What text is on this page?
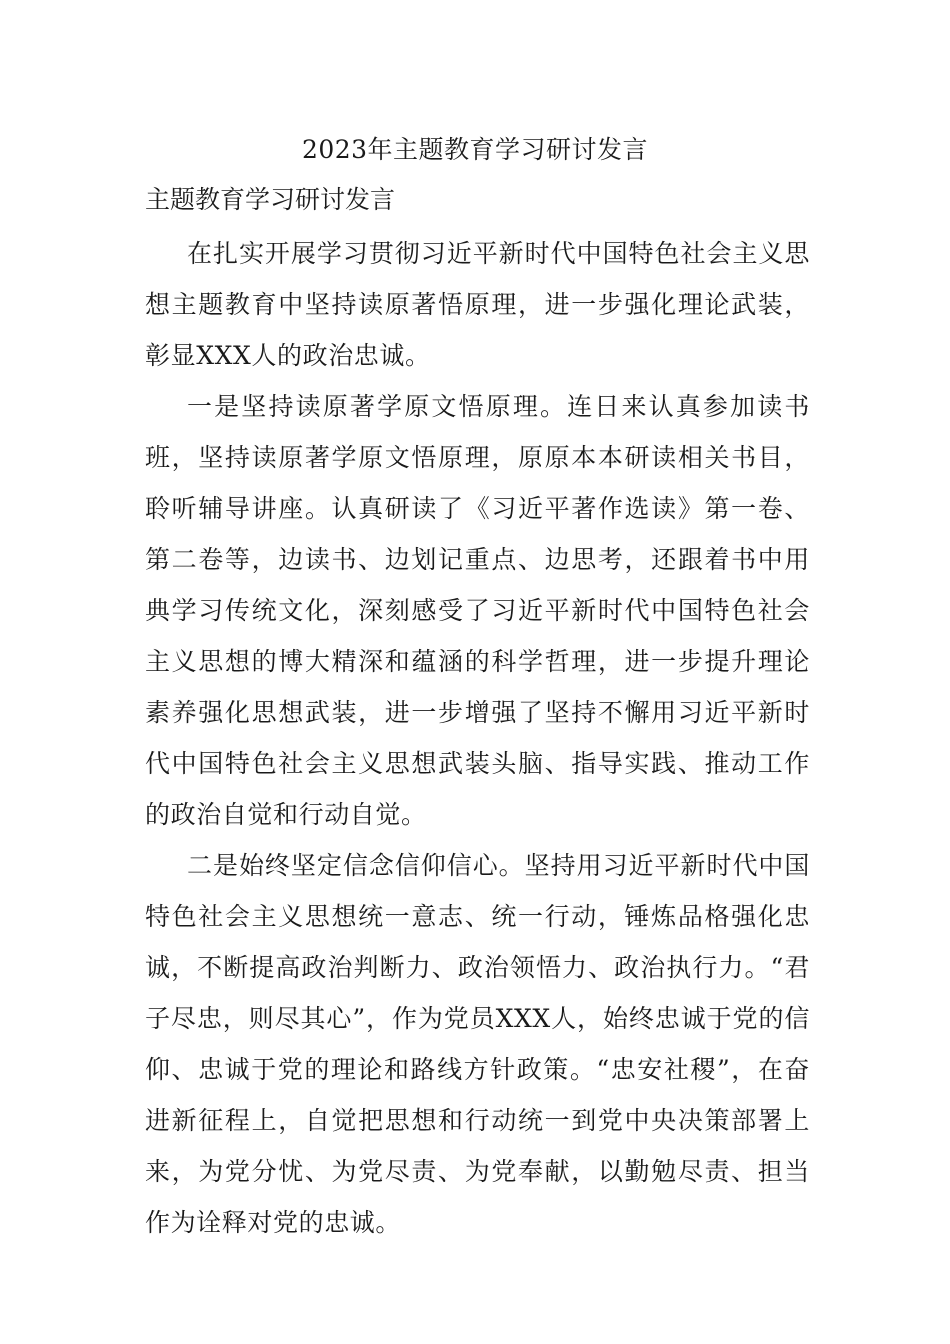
2023年主题教育学习研讨发言
主题教育学习研讨发言

在扎实开展学习贯彻习近平新时代中国特色社会主义思想主题教育中坚持读原著悟原理，进一步强化理论武装，彰显XXX人的政治忠诚。

一是坚持读原著学原文悟原理。连日来认真参加读书班，坚持读原著学原文悟原理，原原本本研读相关书目，聆听辅导讲座。认真研读了《习近平著作选读》第一卷、第二卷等，边读书、边划记重点、边思考，还跟着书中用典学习传统文化，深刻感受了习近平新时代中国特色社会主义思想的博大精深和蕴涵的科学哲理，进一步提升理论素养强化思想武装，进一步增强了坚持不懈用习近平新时代中国特色社会主义思想武装头脑、指导实践、推动工作的政治自觉和行动自觉。

二是始终坚定信念信仰信心。坚持用习近平新时代中国特色社会主义思想统一意志、统一行动，锤炼品格强化忠诚，不断提高政治判断力、政治领悟力、政治执行力。“君子尽忠，则尽其心”，作为党员XXX人，始终忠诚于党的信仰、忠诚于党的理论和路线方针政策。“忠安社稷”，在奋进新征程上，自觉把思想和行动统一到党中央决策部署上来，为党分忧、为党尽责、为党奉献，以勤勉尽责、担当作为诠释对党的忠诚。
